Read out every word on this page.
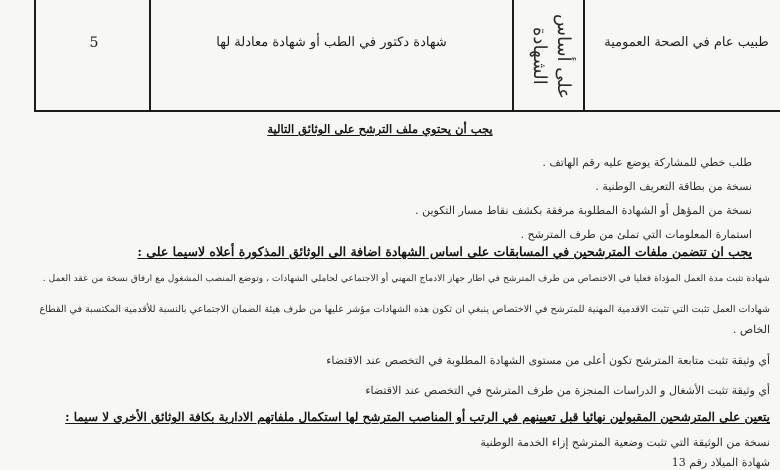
5	شهادة دكتور في الطب أو شهادة معادلة لها	طبيب عام في الصحة العمومية
على أساس الشهادة
يجب أن يحتوي ملف الترشح على الوثائق التالية
طلب خطي للمشاركة يوضع عليه رقم الهاتف .
نسخة من بطاقة التعريف الوطنية .
نسخة من المؤهل أو الشهادة المطلوبة مرفقة بكشف نقاط مسار التكوين .
استمارة المعلومات التي تملئ من طرف المترشح .
يجب ان تتضمن ملفات المترشحين في المسابقات على اساس الشهادة اضافة الى الوثائق المذكورة أعلاه لاسيما على :
شهادة تثبت مدة العمل المؤداة فعليا في الاختصاص من طرف المترشح في اطار جهاز الادماج المهني أو الاجتماعي لحاملي الشهادات ، وتوضع المنصب المشغول مع ارفاق نسخة من عقد العمل .
شهادات العمل تثبت التي تثبت الاقدمية المهنية للمترشح في الاختصاص ينبغي ان تكون هذه الشهادات مؤشر عليها من طرف هيئة الضمان الاجتماعي بالنسبة للأقدمية المكتسبة في القطاع
الخاص .
أي وثيقة تثبت متابعة المترشح تكون أعلى من مستوى الشهادة المطلوبة في التخصص عند الاقتضاء
أي وثيقة تثبت الأشغال و الدراسات المنجزة من طرف المترشح في التخصص عند الاقتضاء
يتعين على المترشحين المقبولين نهائيا قبل تعيينهم في الرتب أو المناصب المترشح لها استكمال ملفاتهم الادارية بكافة الوثائق الأخرى لا سيما :
نسخة من الوثيقة التي تثبت وضعية المترشح إزاء الخدمة الوطنية
شهادة الميلاد رقم 13
